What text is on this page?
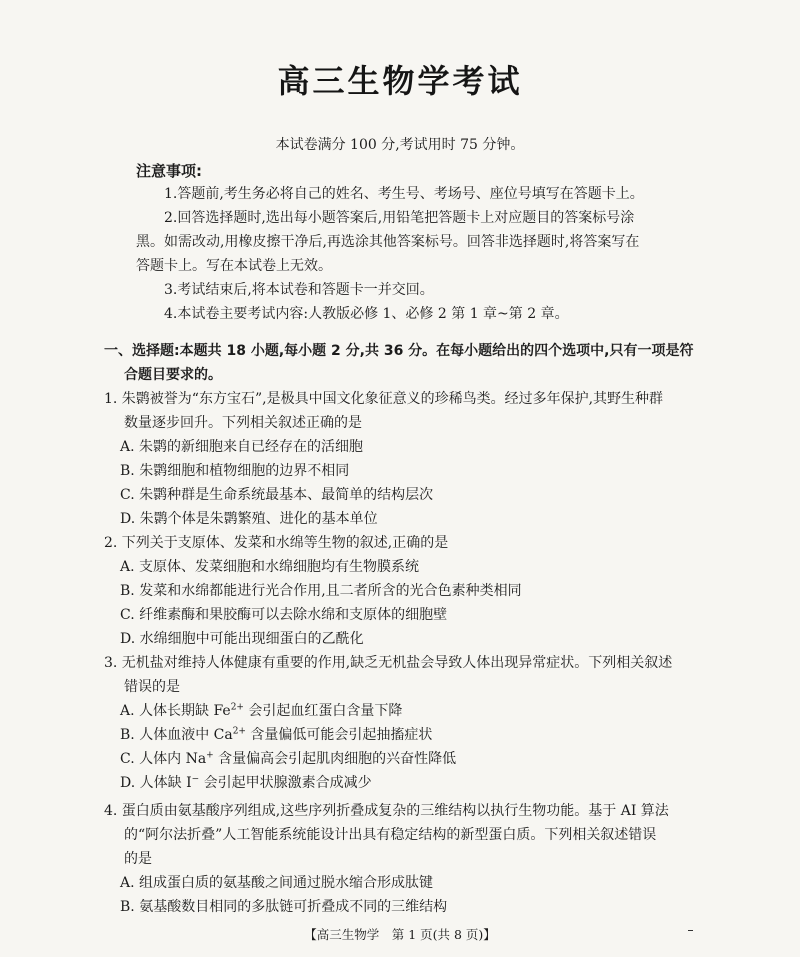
高三生物学考试
本试卷满分 100 分,考试用时 75 分钟。
注意事项:
1.答题前,考生务必将自己的姓名、考生号、考场号、座位号填写在答题卡上。
2.回答选择题时,选出每小题答案后,用铅笔把答题卡上对应题目的答案标号涂
黑。如需改动,用橡皮擦干净后,再选涂其他答案标号。回答非选择题时,将答案写在
答题卡上。写在本试卷上无效。
3.考试结束后,将本试卷和答题卡一并交回。
4.本试卷主要考试内容:人教版必修 1、必修 2 第 1 章~第 2 章。
一、选择题:本题共 18 小题,每小题 2 分,共 36 分。在每小题给出的四个选项中,只有一项是符
合题目要求的。
1. 朱鹮被誉为“东方宝石”,是极具中国文化象征意义的珍稀鸟类。经过多年保护,其野生种群
数量逐步回升。下列相关叙述正确的是
A. 朱鹮的新细胞来自已经存在的活细胞
B. 朱鹮细胞和植物细胞的边界不相同
C. 朱鹮种群是生命系统最基本、最简单的结构层次
D. 朱鹮个体是朱鹮繁殖、进化的基本单位
2. 下列关于支原体、发菜和水绵等生物的叙述,正确的是
A. 支原体、发菜细胞和水绵细胞均有生物膜系统
B. 发菜和水绵都能进行光合作用,且二者所含的光合色素种类相同
C. 纤维素酶和果胶酶可以去除水绵和支原体的细胞壁
D. 水绵细胞中可能出现细蛋白的乙酰化
3. 无机盐对维持人体健康有重要的作用,缺乏无机盐会导致人体出现异常症状。下列相关叙述
错误的是
A. 人体长期缺 $Fe^{2+}$ 会引起血红蛋白含量下降
B. 人体血液中 $Ca^{2+}$ 含量偏低可能会引起抽搐症状
C. 人体内 Na+ 含量偏高会引起肌肉细胞的兴奋性降低
D. 人体缺 I− 会引起甲状腺激素合成减少
4. 蛋白质由氨基酸序列组成,这些序列折叠成复杂的三维结构以执行生物功能。基于 AI 算法
的“阿尔法折叠”人工智能系统能设计出具有稳定结构的新型蛋白质。下列相关叙述错误
的是
A. 组成蛋白质的氨基酸之间通过脱水缩合形成肽键
B. 氨基酸数目相同的多肽链可折叠成不同的三维结构
【高三生物学　第 1 页(共 8 页)】
